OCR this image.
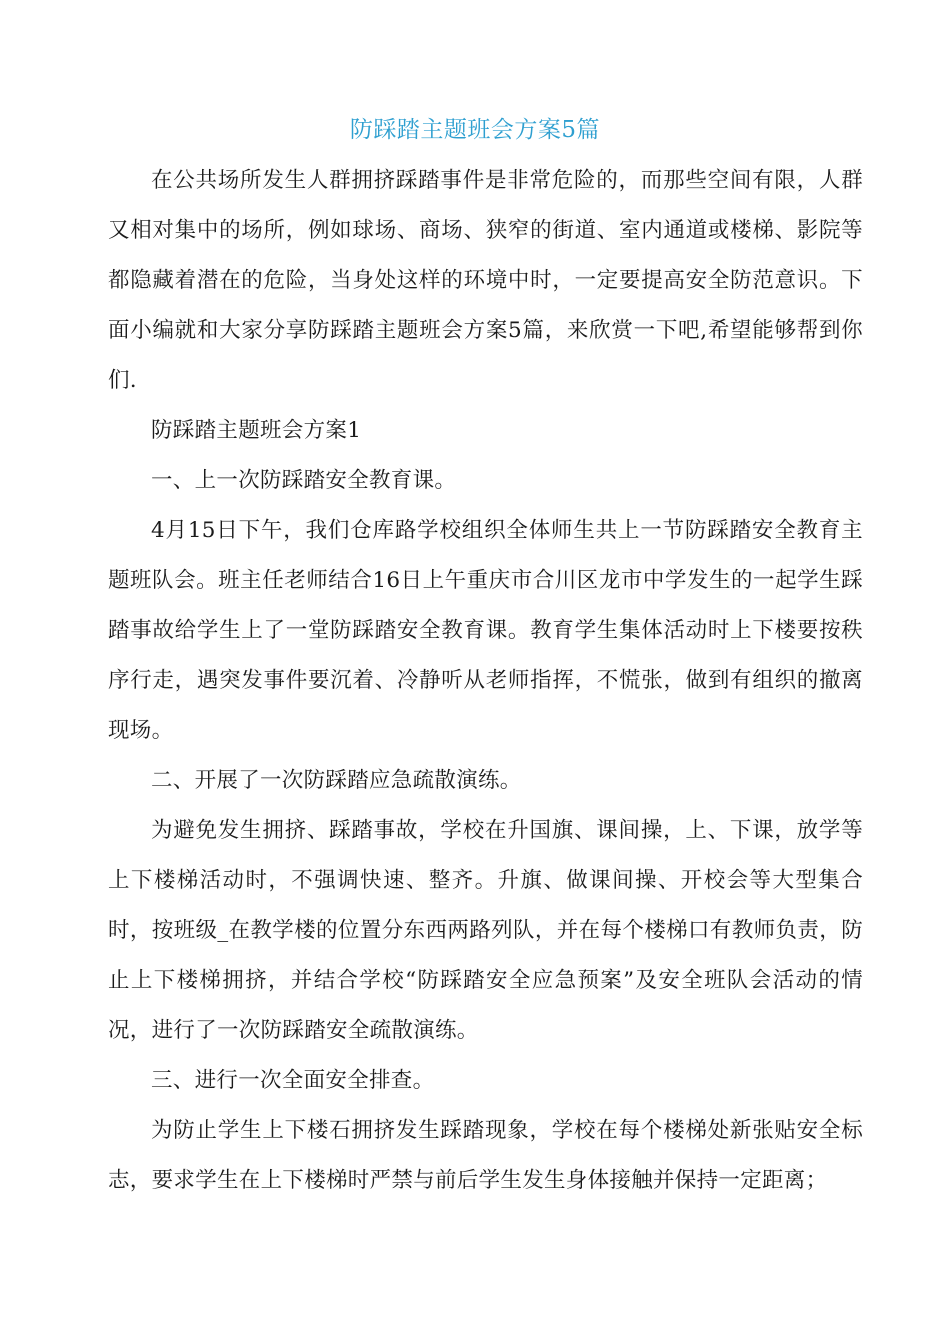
防踩踏主题班会方案5篇

在公共场所发生人群拥挤踩踏事件是非常危险的，而那些空间有限，人群又相对集中的场所，例如球场、商场、狭窄的街道、室内通道或楼梯、影院等都隐藏着潜在的危险，当身处这样的环境中时，一定要提高安全防范意识。下面小编就和大家分享防踩踏主题班会方案5篇，来欣赏一下吧,希望能够帮到你们.

防踩踏主题班会方案1

一、上一次防踩踏安全教育课。

4月15日下午，我们仓库路学校组织全体师生共上一节防踩踏安全教育主题班队会。班主任老师结合16日上午重庆市合川区龙市中学发生的一起学生踩踏事故给学生上了一堂防踩踏安全教育课。教育学生集体活动时上下楼要按秩序行走，遇突发事件要沉着、冷静听从老师指挥，不慌张，做到有组织的撤离现场。

二、开展了一次防踩踏应急疏散演练。

为避免发生拥挤、踩踏事故，学校在升国旗、课间操，上、下课，放学等上下楼梯活动时，不强调快速、整齐。升旗、做课间操、开校会等大型集合时，按班级_在教学楼的位置分东西两路列队，并在每个楼梯口有教师负责，防止上下楼梯拥挤，并结合学校“防踩踏安全应急预案”及安全班队会活动的情况，进行了一次防踩踏安全疏散演练。

三、进行一次全面安全排查。

为防止学生上下楼石拥挤发生踩踏现象，学校在每个楼梯处新张贴安全标志，要求学生在上下楼梯时严禁与前后学生发生身体接触并保持一定距离；
